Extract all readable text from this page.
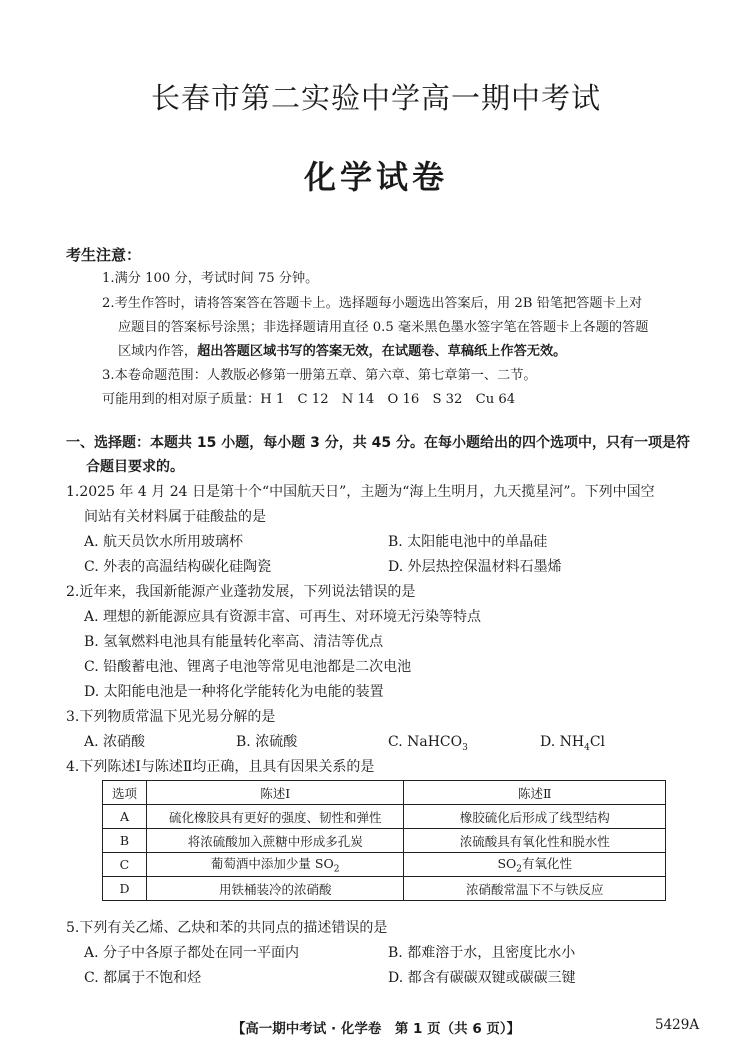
长春市第二实验中学高一期中考试
化学试卷
考生注意：
1.满分 100 分，考试时间 75 分钟。
2.考生作答时，请将答案答在答题卡上。选择题每小题选出答案后，用 2B 铅笔把答题卡上对
应题目的答案标号涂黑；非选择题请用直径 0.5 毫米黑色墨水签字笔在答题卡上各题的答题
区域内作答，超出答题区域书写的答案无效，在试题卷、草稿纸上作答无效。
3.本卷命题范围：人教版必修第一册第五章、第六章、第七章第一、二节。
可能用到的相对原子质量：H 1　C 12　N 14　O 16　S 32　Cu 64
一、选择题：本题共 15 小题，每小题 3 分，共 45 分。在每小题给出的四个选项中，只有一项是符
合题目要求的。
1.2025 年 4 月 24 日是第十个“中国航天日”，主题为“海上生明月，九天揽星河”。下列中国空
间站有关材料属于硅酸盐的是
A. 航天员饮水所用玻璃杯	B. 太阳能电池中的单晶硅
C. 外表的高温结构碳化硅陶瓷	D. 外层热控保温材料石墨烯
2.近年来，我国新能源产业蓬勃发展，下列说法错误的是
A. 理想的新能源应具有资源丰富、可再生、对环境无污染等特点
B. 氢氧燃料电池具有能量转化率高、清洁等优点
C. 铅酸蓄电池、锂离子电池等常见电池都是二次电池
D. 太阳能电池是一种将化学能转化为电能的装置
3.下列物质常温下见光易分解的是
A. 浓硝酸	B. 浓硫酸	C. NaHCO$_3$	D. $NH_4Cl$
4.下列陈述Ⅰ与陈述Ⅱ均正确，且具有因果关系的是
选项	陈述Ⅰ	陈述Ⅱ
A	硫化橡胶具有更好的强度、韧性和弹性	橡胶硫化后形成了线型结构
B	将浓硫酸加入蔗糖中形成多孔炭	浓硫酸具有氧化性和脱水性
C	葡萄酒中添加少量 $SO_2$	$SO_2$有氧化性
D	用铁桶装冷的浓硝酸	浓硝酸常温下不与铁反应
5.下列有关乙烯、乙炔和苯的共同点的描述错误的是
A. 分子中各原子都处在同一平面内	B. 都难溶于水，且密度比水小
C. 都属于不饱和烃	D. 都含有碳碳双键或碳碳三键
【高一期中考试 · 化学卷　第 1 页（共 6 页）】	5429A
